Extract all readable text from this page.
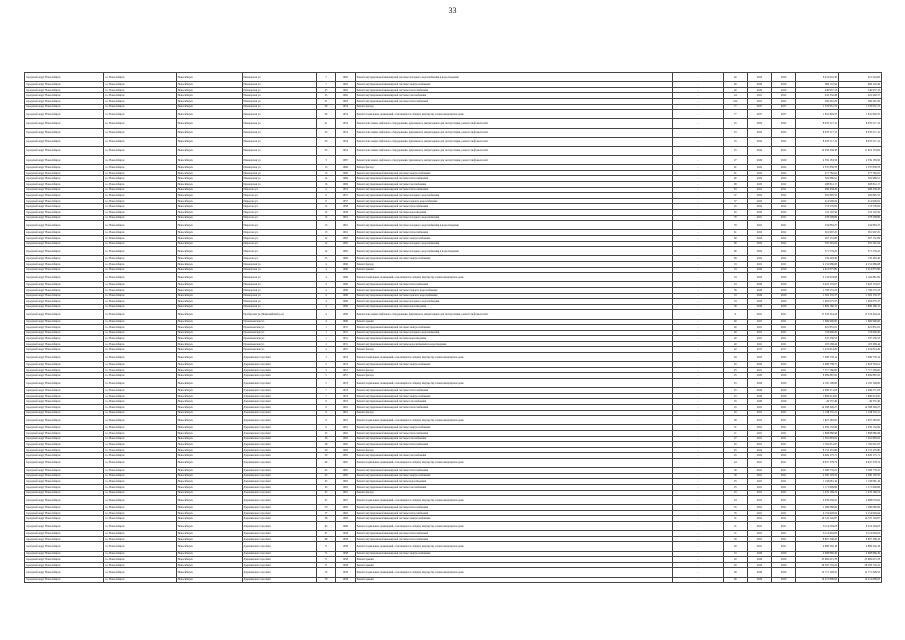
33
городской округ Новосибирск	г.о. Новосибирск	Новосибирск	Пионерская ул.	7	1962	Ремонт внутридомовой инженерной системы холодного водоснабжения и водоотведения	-	40	2020	2020	6 219 910,50	415 544,06
городской округ Новосибирск	г.о. Новосибирск	Новосибирск	Пионерская ул.	7	1962	Ремонт внутридомовой инженерной системы электроснабжения	-	40	2020	2020	669 112,94	668 120,46
городской округ Новосибирск	г.о. Новосибирск	Новосибирск	Пионерская ул.	25	1962	Ремонт внутридомовой инженерной системы теплоснабжения	-	40	2020	2020	440 957,13	440 957,13
городской округ Новосибирск	г.о. Новосибирск	Новосибирск	Пионерская ул.	25	1962	Ремонт внутридомовой инженерной системы газоснабжения	-	44	2021	2022	432 332,28	422 402,57
городской округ Новосибирск	г.о. Новосибирск	Новосибирск	Пионерская ул.	51	1963	Ремонт внутридомовой инженерной системы теплоснабжения	-	414	2021	2022	569 261,29	569 261,29
городской округ Новосибирск	г.о. Новосибирск	Новосибирск	Пионерская ул.	59	1954	Ремонт фасада	-	77	2027	2027	1 576 951,72	1 576 951,72
городской округ Новосибирск	г.о. Новосибирск	Новосибирск	Пионерская ул.	59	1954	Ремонт подвальных помещений, относящихся к общему имуществу в многоквартирном доме	-	77	2027	2027	1 841 849,55	1 841 849,55
городской округ Новосибирск	г.о. Новосибирск	Новосибирск	Пионерская ул.	21	1954	Ремонт или замена лифтового оборудования, признанного непригодным для эксплуатации, ремонт лифтовых шахт	-	25	2022	2022	8 070 517,12	8 070 517,12
городской округ Новосибирск	г.о. Новосибирск	Новосибирск	Пионерская ул.	23	1954	Ремонт или замена лифтового оборудования, признанного непригодным для эксплуатации, ремонт лифтовых шахт	-	25	2022	2022	8 070 517,12	8 070 517,12
городской округ Новосибирск	г.о. Новосибирск	Новосибирск	Пионерская ул.	23	1954	Ремонт или замена лифтового оборудования, признанного непригодным для эксплуатации, ремонт лифтовых шахт	-	25	2022	2022	8 070 517,12	8 070 517,12
городской округ Новосибирск	г.о. Новосибирск	Новосибирск	Пионерская ул.	25	1954	Ремонт или замена лифтового оборудования, признанного непригодным для эксплуатации, ремонт лифтовых шахт	-	25	2022	2022	12 058 338,38	11 819 153,09
городской округ Новосибирск	г.о. Новосибирск	Новосибирск	Пионерская ул.	3	1987	Ремонт или замена лифтового оборудования, признанного непригодным для эксплуатации, ремонт лифтовых шахт	-	27	2020	2020	4 359 183,56	4 359 183,56
городской округ Новосибирск	г.о. Новосибирск	Новосибирск	Пионерская ул.	13	1966	Ремонт фасада	-	61	2022	2022	2 337 858,78	2 337 858,78
городской округ Новосибирск	г.о. Новосибирск	Новосибирск	Пионерская ул.	13	1966	Ремонт внутридомовой инженерной системы электроснабжения	-	61	2022	2022	277 782,61	277 782,61
городской округ Новосибирск	г.о. Новосибирск	Новосибирск	Пионерская ул.	14	1966	Ремонт внутридомовой инженерной системы теплоснабжения	-	60	2022	2022	502 986,91	502 986,91
городской округ Новосибирск	г.о. Новосибирск	Новосибирск	Пионерская ул.	16	1966	Ремонт внутридомовой инженерной системы газоснабжения	-	68	2022	2022	208 812,17	208 812,17
городской округ Новосибирск	г.о. Новосибирск	Новосибирск	Пирогова ул.	2	1953	Ремонт внутридомовой инженерной системы теплоснабжения	-	83	2021	2021	468 458,26	468 458,26
городской округ Новосибирск	г.о. Новосибирск	Новосибирск	Пирогова ул.	8	1957	Ремонт внутридомовой инженерной системы холодного водоснабжения	-	37	2022	2022	292 895,52	292 895,52
городской округ Новосибирск	г.о. Новосибирск	Новосибирск	Пирогова ул.	8	1957	Ремонт внутридомовой инженерной системы горячего водоснабжения	-	37	2022	2022	214 906,02	214 906,02
городской округ Новосибирск	г.о. Новосибирск	Новосибирск	Пирогова ул.	12	1958	Ремонт внутридомовой инженерной системы теплоснабжения	-	45	2022	2022	173 576,82	173 576,82
городской округ Новосибирск	г.о. Новосибирск	Новосибирск	Пирогова ул.	12	1958	Ремонт внутридомовой инженерной системы водоотведения	-	45	2022	2022	116 122,56	116 122,56
городской округ Новосибирск	г.о. Новосибирск	Новосибирск	Пирогова ул.	13	1961	Ремонт внутридомовой инженерной системы холодного водоснабжения	-	70	2021	2021	278 598,86	278 598,86
городской округ Новосибирск	г.о. Новосибирск	Новосибирск	Пирогова ул.	13	1961	Ремонт внутридомовой инженерной системы холодного водоснабжения и водоотведения	-	70	2021	2021	234 863,27	234 863,27
городской округ Новосибирск	г.о. Новосибирск	Новосибирск	Пирогова ул.	13	1961	Ремонт внутридомовой инженерной системы теплоснабжения	-	61	2022	2022	361 967,25	361 967,25
городской округ Новосибирск	г.о. Новосибирск	Новосибирск	Пирогова ул.	14	1965	Ремонт внутридомовой инженерной системы электроснабжения	-	60	2022	2022	267 131,86	267 131,86
городской округ Новосибирск	г.о. Новосибирск	Новосибирск	Пирогова ул.	14	1965	Ремонт внутридомовой инженерной системы холодного водоснабжения	-	60	2022	2022	355 291,04	355 291,04
городской округ Новосибирск	г.о. Новосибирск	Новосибирск	Пирогова ул.	14	1965	Ремонт внутридомовой инженерной системы холодного водоснабжения и водоотведения	-	60	2022	2022	371 576,25	371 576,25
городской округ Новосибирск	г.о. Новосибирск	Новосибирск	Пирогова ул.	15	1966	Ремонт внутридомовой инженерной системы электроснабжения	-	69	2022	2022	159 493,40	159 493,40
городской округ Новосибирск	г.о. Новосибирск	Новосибирск	Пионерская ул.	4	1996	Ремонт фасада	-	19	2021	2021	4 152 686,08	4 152 686,08
городской округ Новосибирск	г.о. Новосибирск	Новосибирск	Пионерская ул.	4	1996	Ремонт крыши	-	19	2020	2020	4 013 875,89	4 013 875,89
городской округ Новосибирск	г.о. Новосибирск	Новосибирск	Пионерская ул.	4	1996	Ремонт подвальных помещений, относящихся к общему имуществу в многоквартирном доме	-	19	2020	2020	2 134 918,08	2 104 881,69
городской округ Новосибирск	г.о. Новосибирск	Новосибирск	Пионерская ул.	4	1996	Ремонт внутридомовой инженерной системы теплоснабжения	-	19	2020	2020	3 923 133,67	3 923 133,67
городской округ Новосибирск	г.о. Новосибирск	Новосибирск	Пионерская ул.	4	1996	Ремонт внутридомовой инженерной системы горячего водоснабжения	-	36	2020	2020	1 796 572,23	1 796 572,23
городской округ Новосибирск	г.о. Новосибирск	Новосибирск	Пионерская ул.	4	1996	Ремонт внутридомовой инженерной системы горячего водоснабжения	-	19	2020	2020	1 302 135,37	1 302 135,37
городской округ Новосибирск	г.о. Новосибирск	Новосибирск	Пионерская ул.	4	1996	Ремонт внутридомовой инженерной системы холодного водоснабжения	-	19	2020	2020	1 603 075,37	1 603 075,37
городской округ Новосибирск	г.о. Новосибирск	Новосибирск	Пионерская ул.	4	1996	Ремонт внутридомовой инженерной системы водоотведения	-	30	2020	2020	1 809 186,15	1 809 186,15
городской округ Новосибирск	г.о. Новосибирск	Новосибирск	Проберская ул.(Первомайский р-н)	4	1996	Ремонт или замена лифтового оборудования, признанного непригодным для эксплуатации, ремонт лифтовых шахт	-	9	2021	2021	17 533 324,24	17 533 324,24
городской округ Новосибирск	г.о. Новосибирск	Новосибирск	Прокопьевская ул.	4	1996	Ремонт крыши	-	40	2021	2021	1 669 996,00	1 669 996,00
городской округ Новосибирск	г.о. Новосибирск	Новосибирск	Прокопьевская ул.	1	1931	Ремонт внутридомовой инженерной системы электроснабжения	-	40	2021	2021	621 831,61	621 831,61
городской округ Новосибирск	г.о. Новосибирск	Новосибирск	Прокопьевская ул.	1	1931	Ремонт внутридомовой инженерной системы холодного водоснабжения	-	40	2021	2021	718 600,20	718 600,20
городской округ Новосибирск	г.о. Новосибирск	Новосибирск	Прокопьевская ул.	1	1931	Ремонт внутридомовой инженерной системы водоотведения	-	40	2021	2021	337 236,53	337 236,53
городской округ Новосибирск	г.о. Новосибирск	Новосибирск	Прокопьевская ул.	1	1931	Ремонт внутридомовой инженерной системы водоснабжения и водоотведения	-	40	2021	2021	103 268,44	103 268,44
городской округ Новосибирск	г.о. Новосибирск	Новосибирск	Прокопьевская ул.	2	1967	Ремонт фасада	-	42	2017	2017	1 219 814,29	1 219 814,29
городской округ Новосибирск	г.о. Новосибирск	Новосибирск	Дзержинского проспект	1	1953	Ремонт подвальных помещений, относящихся к общему имуществу в многоквартирном доме	-	49	2023	2023	7 006 778,14	7 006 778,14
городской округ Новосибирск	г.о. Новосибирск	Новосибирск	Дзержинского проспект	2	1953	Ремонт внутридомовой инженерной системы электроснабжения	-	45	2022	2022	2 008 738,75	1 818 763,61
городской округ Новосибирск	г.о. Новосибирск	Новосибирск	Дзержинского проспект	3	1957	Ремонт фасада	-	25	2021	2021	7 717 566,00	7 717 566,00
городской округ Новосибирск	г.о. Новосибирск	Новосибирск	Дзержинского проспект	5	1957	Ремонт фасада	-	25	2020	2020	8 009 887,62	8 009 887,62
городской округ Новосибирск	г.о. Новосибирск	Новосибирск	Дзержинского проспект	5	1953	Ремонт подвальных помещений, относящихся к общему имуществу в многоквартирном доме	-	25	2020	2020	4 195 108,00	4 195 108,00
городской округ Новосибирск	г.о. Новосибирск	Новосибирск	Дзержинского проспект	7	1953	Ремонт внутридомовой инженерной системы теплоснабжения	-	25	2020	2020	2 096 271,63	2 096 271,63
городской округ Новосибирск	г.о. Новосибирск	Новосибирск	Дзержинского проспект	7	1953	Ремонт внутридомовой инженерной системы электроснабжения	-	25	2020	2020	1 896 614,95	1 896 614,95
городской округ Новосибирск	г.о. Новосибирск	Новосибирск	Дзержинского проспект	9	1953	Ремонт внутридомовой инженерной системы газоснабжения	-	25	2020	2020	49 737,40	49 737,40
городской округ Новосибирск	г.о. Новосибирск	Новосибирск	Дзержинского проспект	9	1961	Ремонт внутридомовой инженерной системы теплоснабжения	-	45	2021	2021	14 398 349,27	14 398 349,27
городской округ Новосибирск	г.о. Новосибирск	Новосибирск	Дзержинского проспект	9	1961	Ремонт фасада	-	45	2021	2021	1 198 710,11	1 198 710,11
городской округ Новосибирск	г.о. Новосибирск	Новосибирск	Дзержинского проспект	9	1961	Ремонт подвальных помещений, относящихся к общему имуществу в многоквартирном доме	-	26	2021	2021	1 827 283,95	1 827 283,95
городской округ Новосибирск	г.о. Новосибирск	Новосибирск	Дзержинского проспект	9	1961	Ремонт внутридомовой инженерной системы электроснабжения	-	31	2021	2021	2 059 132,99	2 059 132,99
городской округ Новосибирск	г.о. Новосибирск	Новосибирск	Дзержинского проспект	25	1962	Ремонт внутридомовой инженерной системы теплоснабжения	-	21	2021	2021	1 868 886,98	1 868 886,98
городской округ Новосибирск	г.о. Новосибирск	Новосибирск	Дзержинского проспект	26	1962	Ремонт внутридомовой инженерной системы газоснабжения	-	27	2021	2021	1 391 893,62	1 391 893,62
городской округ Новосибирск	г.о. Новосибирск	Новосибирск	Дзержинского проспект	28	1965	Ремонт внутридомовой инженерной системы теплоснабжения	-	45	2021	2021	1 762 651,87	1 762 651,87
городской округ Новосибирск	г.о. Новосибирск	Новосибирск	Дзержинского проспект	29	1965	Ремонт фасада	-	45	2022	2022	8 153 455,80	8 153 455,80
городской округ Новосибирск	г.о. Новосибирск	Новосибирск	Дзержинского проспект	30	1965	Ремонт внутридомовой инженерной системы газоснабжения	-	45	2022	2022	6 026 175,71	6 026 175,71
городской округ Новосибирск	г.о. Новосибирск	Новосибирск	Дзержинского проспект	40	1965	Ремонт подвальных помещений, относящихся к общему имуществу в многоквартирном доме	-	44	2021	2021	6 837 378,74	6 837 378,74
городской округ Новосибирск	г.о. Новосибирск	Новосибирск	Дзержинского проспект	43	1965	Ремонт внутридомовой инженерной системы теплоснабжения	-	30	2021	2021	3 368 776,22	3 368 776,22
городской округ Новосибирск	г.о. Новосибирск	Новосибирск	Дзержинского проспект	43	1965	Ремонт внутридомовой инженерной системы электроснабжения	-	30	2021	2021	2 500 103,55	2 500 103,55
городской округ Новосибирск	г.о. Новосибирск	Новосибирск	Дзержинского проспект	43	1965	Ремонт внутридомовой инженерной системы водоотведения	-	25	2021	2021	1 158 081,16	1 158 081,16
городской округ Новосибирск	г.о. Новосибирск	Новосибирск	Дзержинского проспект	43	1965	Ремонт внутридомовой инженерной системы газоснабжения	-	25	2021	2021	1 171 699,86	1 171 699,86
городской округ Новосибирск	г.о. Новосибирск	Новосибирск	Дзержинского проспект	47	1967	Ремонт фасада	-	25	2021	2021	1 479 169,74	1 479 169,74
городской округ Новосибирск	г.о. Новосибирск	Новосибирск	Дзержинского проспект	47	1967	Ремонт подвальных помещений, относящихся к общему имуществу в многоквартирном доме	-	24	2021	2021	4 939 039,22	4 968 033,62
городской округ Новосибирск	г.о. Новосибирск	Новосибирск	Дзержинского проспект	53	1962	Ремонт внутридомовой инженерной системы теплоснабжения	-	35	2021	2021	1 286 080,66	1 286 080,66
городской округ Новосибирск	г.о. Новосибирск	Новосибирск	Дзержинского проспект	57	1962	Ремонт внутридомовой инженерной системы теплоснабжения	-	35	2021	2021	4 154 926,04	4 154 926,04
городской округ Новосибирск	г.о. Новосибирск	Новосибирск	Дзержинского проспект	58	1962	Ремонт внутридомовой инженерной системы электроснабжения	-	31	2021	2021	10 725 120,87	10 725 120,87
городской округ Новосибирск	г.о. Новосибирск	Новосибирск	Дзержинского проспект	65	1996	Ремонт подвальных помещений, относящихся к общему имуществу в многоквартирном доме	-	51	2021	2021	6 114 504,03	6 224 204,03
городской округ Новосибирск	г.о. Новосибирск	Новосибирск	Дзержинского проспект	67	1958	Ремонт внутридомовой инженерной системы теплоснабжения	-	51	2021	2021	6 114 604,03	6 114 604,03
городской округ Новосибирск	г.о. Новосибирск	Новосибирск	Дзержинского проспект	68	1958	Ремонт внутридомовой инженерной системы теплоснабжения	-	50	2021	2021	8 807 308,43	8 807 308,43
городской округ Новосибирск	г.о. Новосибирск	Новосибирск	Дзержинского проспект	71	1958	Ремонт подвальных помещений, относящихся к общему имуществу в многоквартирном доме	-	20	2021	2021	4 889 502,18	4 889 502,18
городской округ Новосибирск	г.о. Новосибирск	Новосибирск	Дзержинского проспект	71	1958	Ремонт внутридомовой инженерной системы электроснабжения	-	19	2020	2020	2 608 866,49	2 608 866,49
городской округ Новосибирск	г.о. Новосибирск	Новосибирск	Дзержинского проспект	71	1958	Ремонт крыши	-	20	2020	2020	23 682 615,78	23 682 615,78
городской округ Новосибирск	г.о. Новосибирск	Новосибирск	Дзержинского проспект	71	1958	Ремонт крыши	-	20	2020	2020	28 593 716,22	28 593 716,22
городской округ Новосибирск	г.о. Новосибирск	Новосибирск	Дзержинского проспект	74	1958	Ремонт подвальных помещений, относящихся к общему имуществу в многоквартирном доме	-	26	2020	2020	12 771 328,52	12 771 328,52
городской округ Новосибирск	г.о. Новосибирск	Новосибирск	Дзержинского проспект	79	1958	Ремонт крыши	-	26	2020	2020	10 213 808,63	10 213 808,63
